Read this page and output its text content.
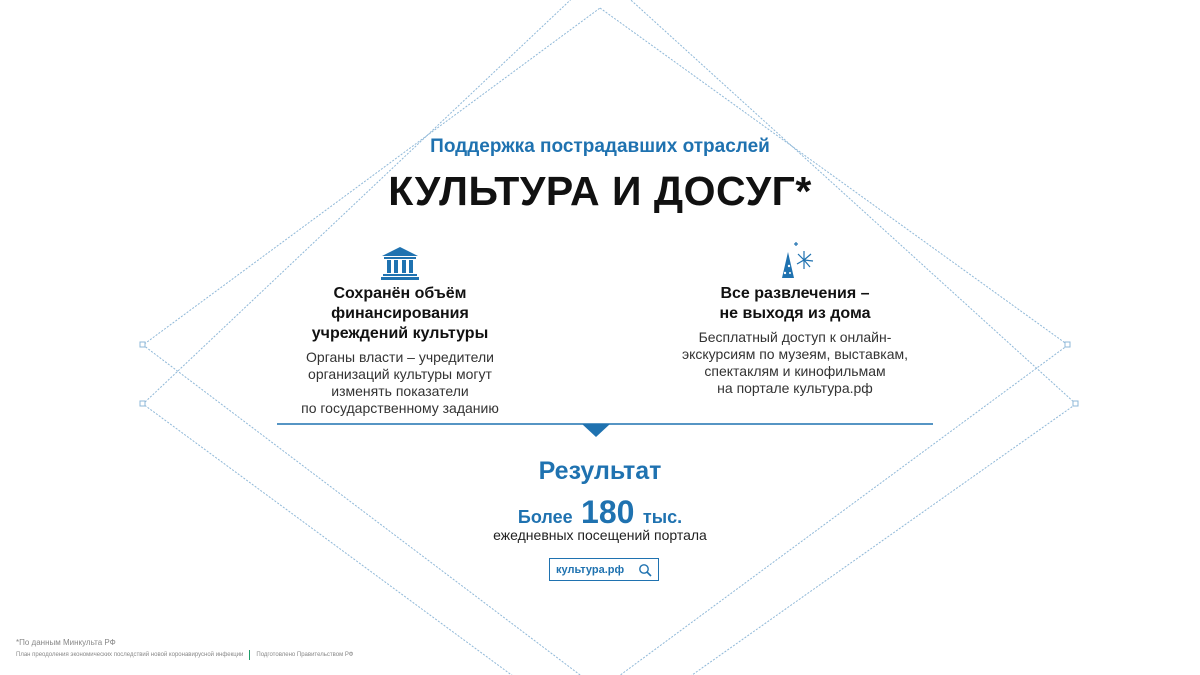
Поддержка пострадавших отраслей
КУЛЬТУРА И ДОСУГ*
Сохранён объём
финансирования
учреждений культуры
Органы власти – учредители
организаций культуры могут
изменять показатели
по государственному заданию
Все развлечения –
не выходя из дома
Бесплатный доступ к онлайн-
экскурсиям по музеям, выставкам,
спектаклям и кинофильмам
на портале культура.рф
Результат
Более 180 тыс.
ежедневных посещений портала
культура.рф
*По данным Минкульта РФ
План преодоления экономических последствий новой коронавирусной инфекции Подготовлено Правительством РФ
